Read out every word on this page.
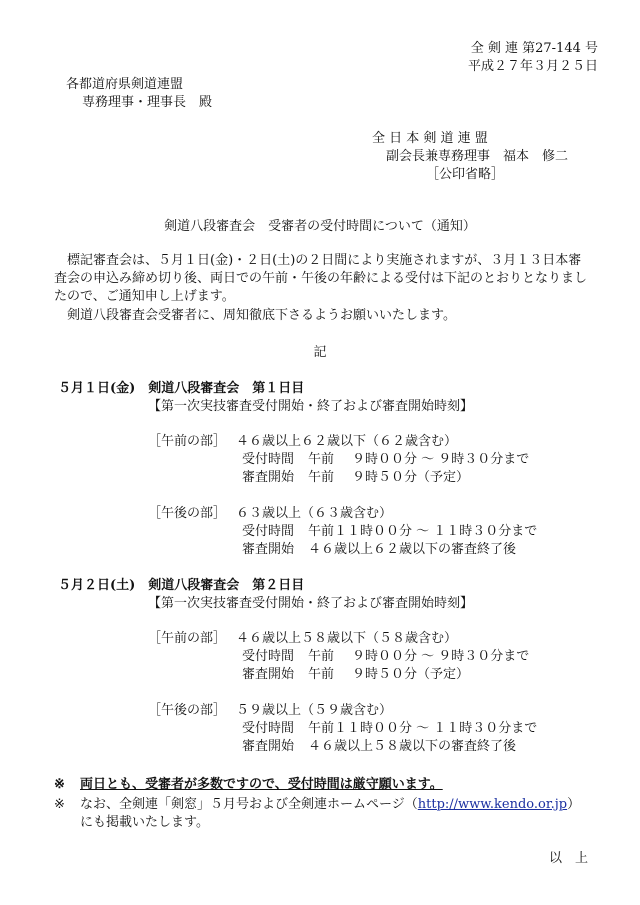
全 剣 連 第27-144 号
平成２７年３月２５日
各都道府県剣道連盟
専務理事・理事長　殿
全 日 本 剣 道 連 盟
副会長兼専務理事　福本　修二
［公印省略］
剣道八段審査会　受審者の受付時間について（通知）

標記審査会は、５月１日(金)・２日(土)の２日間により実施されますが、３月１３日本審査会の申込み締め切り後、両日での午前・午後の年齢による受付は下記のとおりとなりましたので、ご通知申し上げます。

剣道八段審査会受審者に、周知徹底下さるようお願いいたします。

記
５月１日(金)　剣道八段審査会　第１日目
【第一次実技審査受付開始・終了および審査開始時刻】
［午前の部］ ４６歳以上６２歳以下（６２歳含む）
受付時間 午前 ９時００分 ～ ９時３０分まで
審査開始 午前 ９時５０分（予定）
［午後の部］ ６３歳以上（６３歳含む）
受付時間 午前１１時００分 ～ １１時３０分まで
審査開始 ４６歳以上６２歳以下の審査終了後
５月２日(土)　剣道八段審査会　第２日目
【第一次実技審査受付開始・終了および審査開始時刻】
［午前の部］ ４６歳以上５８歳以下（５８歳含む）
受付時間 午前 ９時００分 ～ ９時３０分まで
審査開始 午前 ９時５０分（予定）
［午後の部］ ５９歳以上（５９歳含む）
受付時間 午前１１時００分 ～ １１時３０分まで
審査開始 ４６歳以上５８歳以下の審査終了後
※ 両日とも、受審者が多数ですので、受付時間は厳守願います。
※ なお、全剣連「剣窓」５月号および全剣連ホームページ（http://www.kendo.or.jp）
にも掲載いたします。
以　上
